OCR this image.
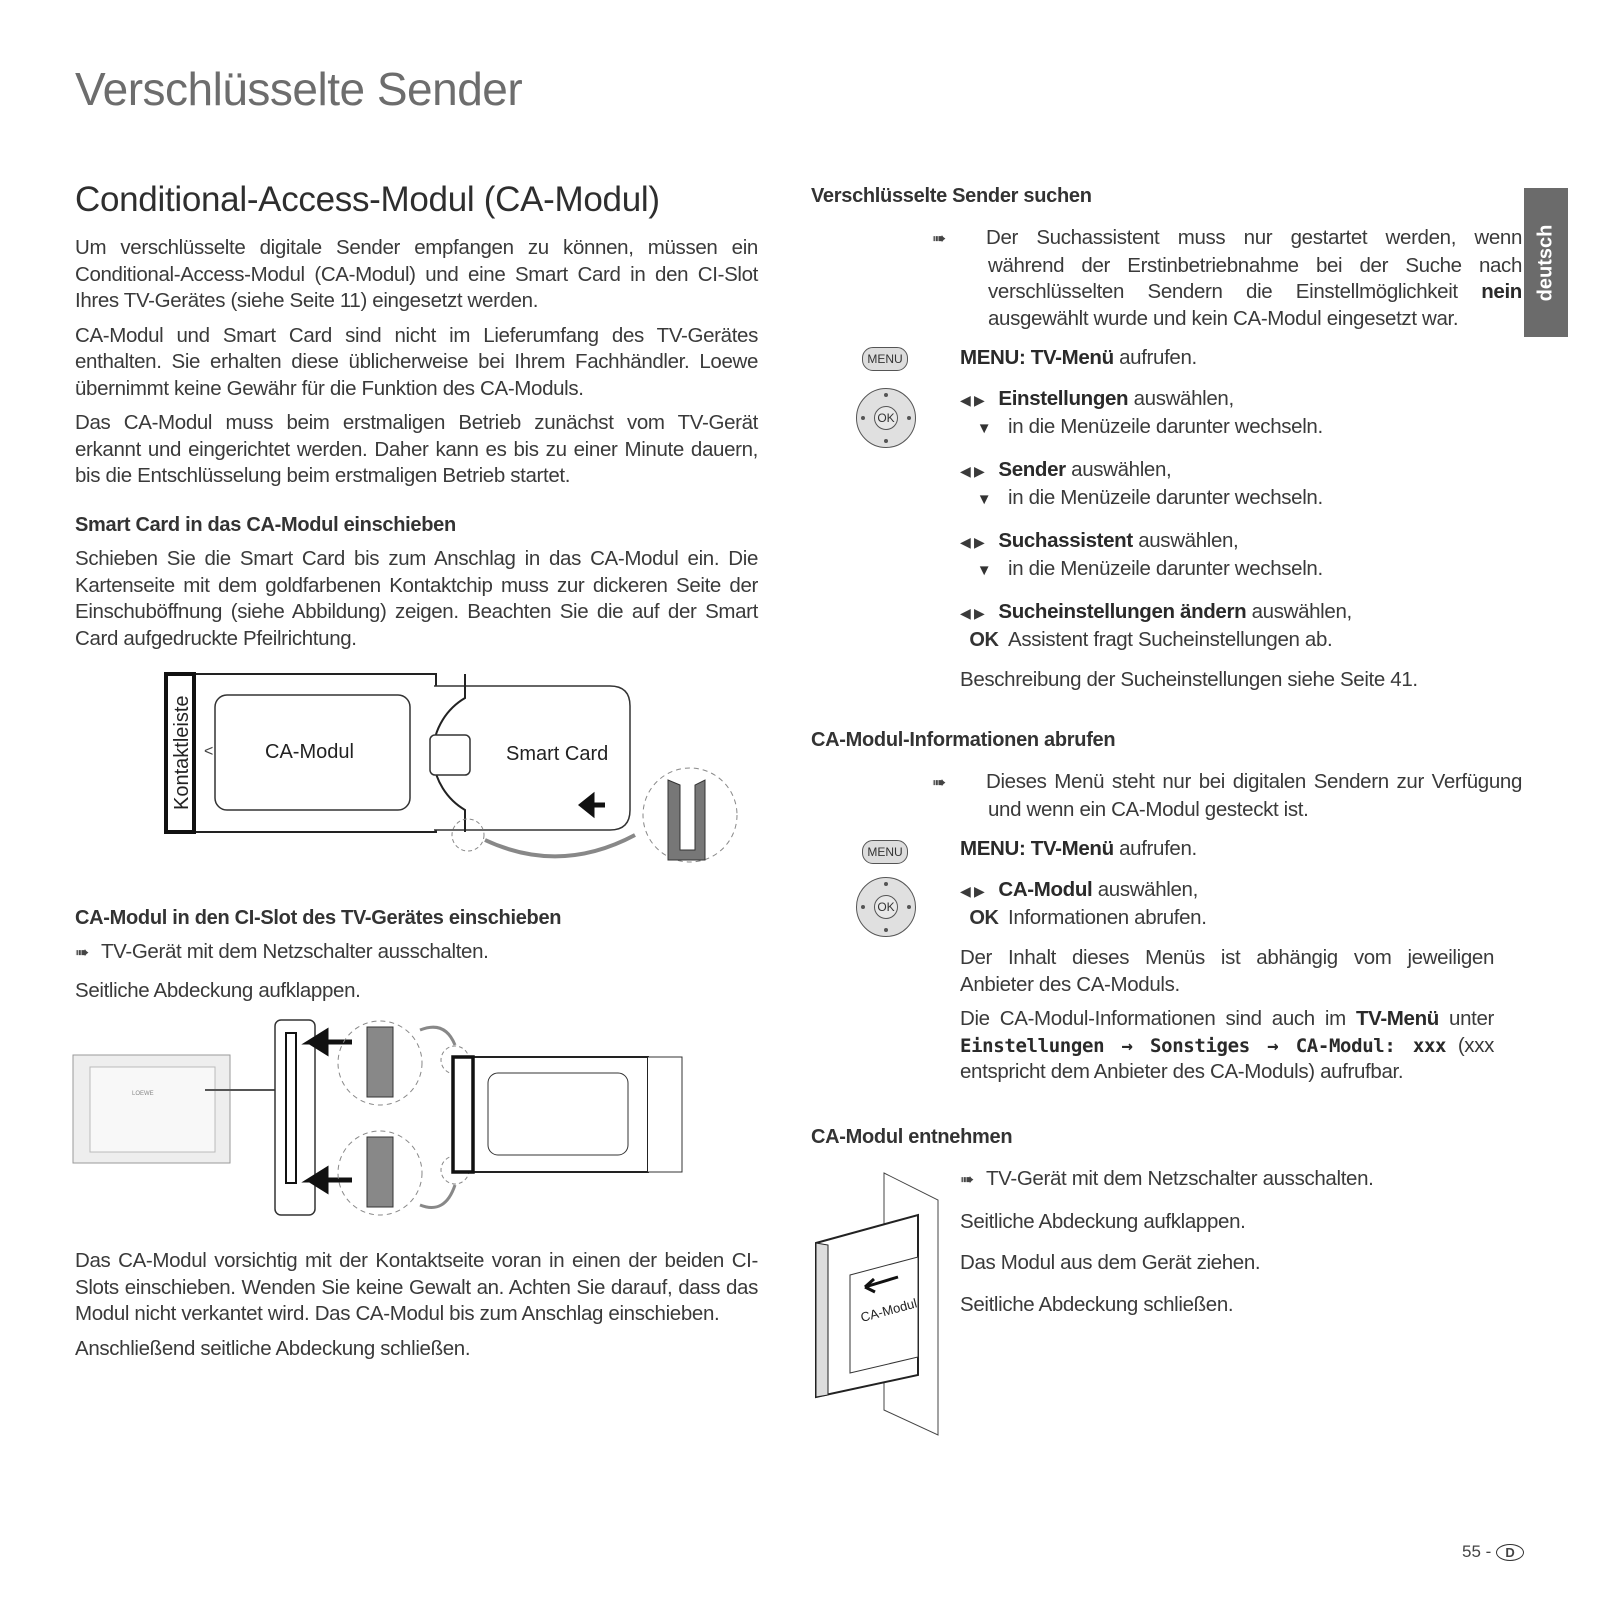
Verschlüsselte Sender
deutsch
Conditional-Access-Modul (CA-Modul)

Um verschlüsselte digitale Sender empfangen zu können, müssen ein Conditional-Access-Modul (CA-Modul) und eine Smart Card in den CI-Slot Ihres TV-Gerätes (siehe Seite 11) eingesetzt werden.

CA-Modul und Smart Card sind nicht im Lieferumfang des TV-Gerätes enthalten. Sie erhalten diese üblicherweise bei Ihrem Fachhändler. Loewe übernimmt keine Gewähr für die Funktion des CA-Moduls.

Das CA-Modul muss beim erstmaligen Betrieb zunächst vom TV-Gerät erkannt und eingerichtet werden. Daher kann es bis zu einer Minute dauern, bis die Entschlüsselung beim erstmaligen Betrieb startet.

Smart Card in das CA-Modul einschieben
Schieben Sie die Smart Card bis zum Anschlag in das CA-Modul ein. Die Kartenseite mit dem goldfarbenen Kontaktchip muss zur dickeren Seite der Einschuböffnung (siehe Abbildung) zeigen. Beachten Sie die auf der Smart Card aufgedruckte Pfeilrichtung.
<
Kontaktleiste	CA-Modul	Smart Card
CA-Modul in den CI-Slot des TV-Gerätes einschieben
➠ TV-Gerät mit dem Netzschalter ausschalten.
Seitliche Abdeckung aufklappen.
LOEWE

Das CA-Modul vorsichtig mit der Kontaktseite voran in einen der beiden CI-Slots einschieben. Wenden Sie keine Gewalt an. Achten Sie darauf, dass das Modul nicht verkantet wird. Das CA-Modul bis zum Anschlag einschieben.

Anschließend seitliche Abdeckung schließen.

Verschlüsselte Sender suchen
➠ Der Suchassistent muss nur gestartet werden, wenn während der Erstinbetriebnahme bei der Suche nach verschlüsselten Sendern die Einstellmöglichkeit nein ausgewählt wurde und kein CA-Modul eingesetzt war.
MENU	MENU: TV-Menü aufrufen.
OK
◀ ▶ Einstellungen auswählen,
▼ in die Menüzeile darunter wechseln.
◀ ▶ Sender auswählen,
▼ in die Menüzeile darunter wechseln.
◀ ▶ Suchassistent auswählen,
▼ in die Menüzeile darunter wechseln.
◀ ▶ Sucheinstellungen ändern auswählen,
OK Assistent fragt Sucheinstellungen ab.
Beschreibung der Sucheinstellungen siehe Seite 41.
CA-Modul-Informationen abrufen
➠ Dieses Menü steht nur bei digitalen Sendern zur Verfügung und wenn ein CA-Modul gesteckt ist.
MENU	MENU: TV-Menü aufrufen.
OK
◀ ▶ CA-Modul auswählen,
OK Informationen abrufen.

Der Inhalt dieses Menüs ist abhängig vom jeweiligen Anbieter des CA-Moduls.

Die CA-Modul-Informationen sind auch im TV-Menü unter Einstellungen → Sonstiges → CA-Modul: xxx (xxx entspricht dem Anbieter des CA-Moduls) aufrufbar.

CA-Modul entnehmen

➠ TV-Gerät mit dem Netzschalter ausschalten.

Seitliche Abdeckung aufklappen.

Das Modul aus dem Gerät ziehen.

Seitliche Abdeckung schließen.

CA-Modul
55 - D
